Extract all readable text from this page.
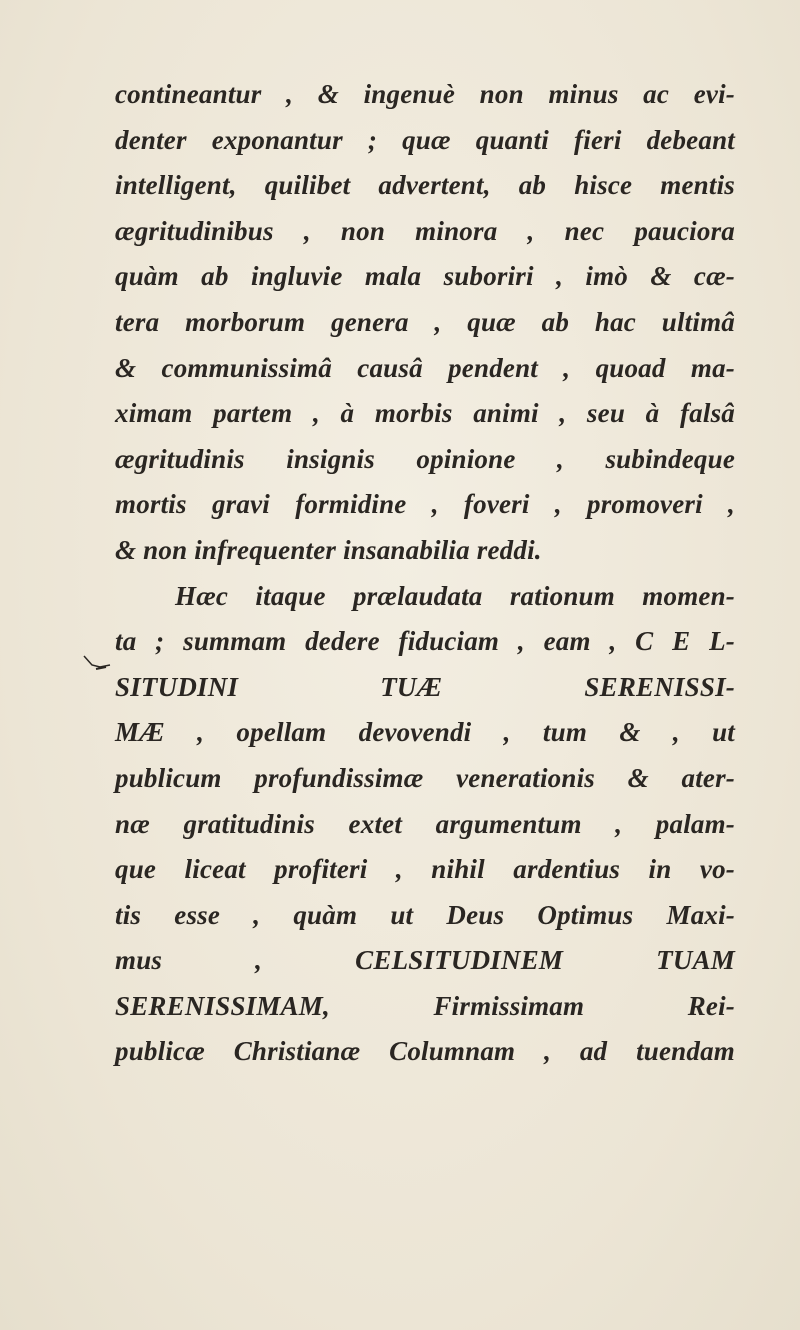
contineantur , & ingenuè non minus ac evi-
denter exponantur ; quæ quanti fieri debeant
intelligent, quilibet advertent, ab hisce mentis
ægritudinibus , non minora , nec pauciora
quàm ab ingluvie mala suboriri , imò & cæ-
tera morborum genera , quæ ab hac ultimâ
& communissimâ causâ pendent , quoad ma-
ximam partem , à morbis animi , seu à falsâ
ægritudinis insignis opinione , subindeque
mortis gravi formidine , foveri , promoveri ,
& non infrequenter insanabilia reddi.
Hæc itaque prælaudata rationum momen-
ta ; summam dedere fiduciam , eam , C E L-
SITUDINI TUÆ SERENISSI-
MÆ , opellam devovendi , tum & , ut
publicum profundissimæ venerationis & ater-
næ gratitudinis extet argumentum , palam-
que liceat profiteri , nihil ardentius in vo-
tis esse , quàm ut Deus Optimus Maxi-
mus , CELSITUDINEM TUAM
SERENISSIMAM, Firmissimam Rei-
publicæ Christianæ Columnam , ad tuendam
